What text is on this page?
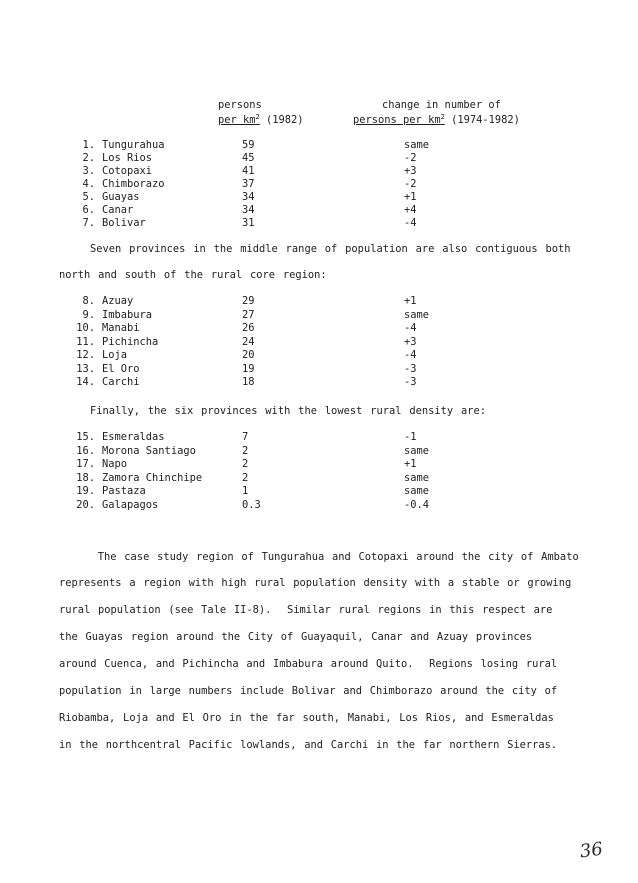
persons
per $km^2$ (1982)
change in number of
persons per $km^2$ (1974-1982)
1. Tungurahua	59	same
2. Los Rios	45	-2
3. Cotopaxi	41	+3
4. Chimborazo	37	-2
5. Guayas	34	+1
6. Canar	34	+4
7. Bolivar	31	-4
Seven provinces in the middle range of population are also contiguous both
north and south of the rural core region:
8. Azuay	29	+1
9. Imbabura	27	same
10. Manabi	26	-4
11. Pichincha	24	+3
12. Loja	20	-4
13. El Oro	19	-3
14. Carchi	18	-3
Finally, the six provinces with the lowest rural density are:
15. Esmeraldas	7	-1
16. Morona Santiago	2	same
17. Napo	2	+1
18. Zamora Chinchipe	2	same
19. Pastaza	1	same
20. Galapagos	0.3	-0.4
The case study region of Tungurahua and Cotopaxi around the city of Ambato
represents a region with high rural population density with a stable or growing
rural population (see Tale II-8).  Similar rural regions in this respect are
the Guayas region around the City of Guayaquil, Canar and Azuay provinces
around Cuenca, and Pichincha and Imbabura around Quito.  Regions losing rural
population in large numbers include Bolivar and Chimborazo around the city of
Riobamba, Loja and El Oro in the far south, Manabi, Los Rios, and Esmeraldas
in the northcentral Pacific lowlands, and Carchi in the far northern Sierras.
36
